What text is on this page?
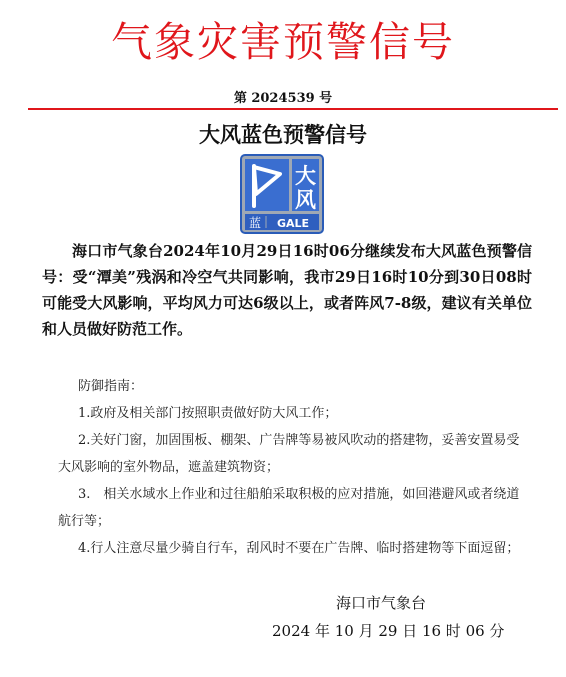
气象灾害预警信号
第 2024539 号
大风蓝色预警信号
大
风
蓝 GALE
海口市气象台2024年10月29日16时06分继续发布大风蓝色预警信号：受“潭美”残涡和冷空气共同影响，我市29日16时10分到30日08时可能受大风影响，平均风力可达6级以上，或者阵风7-8级，建议有关单位和人员做好防范工作。
防御指南：
1.政府及相关部门按照职责做好防大风工作；
2.关好门窗，加固围板、棚架、广告牌等易被风吹动的搭建物，妥善安置易受大风影响的室外物品，遮盖建筑物资；
3.　相关水域水上作业和过往船舶采取积极的应对措施，如回港避风或者绕道航行等；
4.行人注意尽量少骑自行车，刮风时不要在广告牌、临时搭建物等下面逗留；
海口市气象台
2024 年 10 月 29 日 16 时 06 分
